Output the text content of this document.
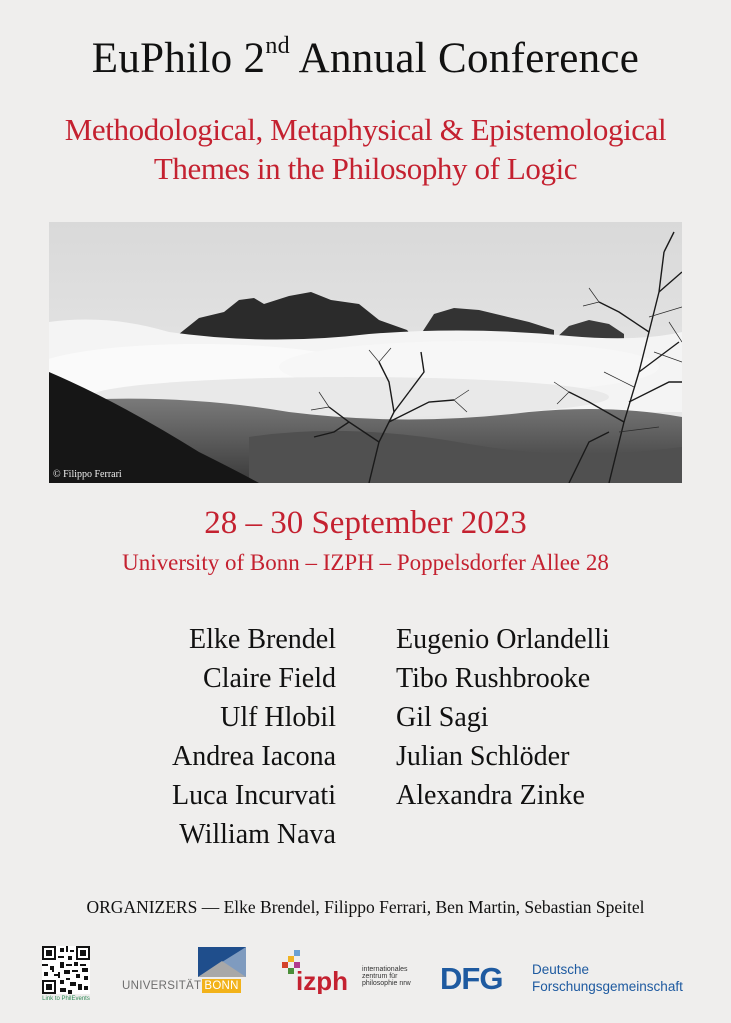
EuPhilo 2nd Annual Conference
Methodological, Metaphysical & Epistemological
Themes in the Philosophy of Logic
© Filippo Ferrari
28 – 30 September 2023
University of Bonn – IZPH – Poppelsdorfer Allee 28
Elke Brendel
Claire Field
Ulf Hlobil
Andrea Iacona
Luca Incurvati
William Nava
Eugenio Orlandelli
Tibo Rushbrooke
Gil Sagi
Julian Schlöder
Alexandra Zinke
ORGANIZERS — Elke Brendel, Filippo Ferrari, Ben Martin, Sebastian Speitel
Link to PhilEvents
UNIVERSITÄT BONN izph internationales zentrum für philosophie nrw DFG Deutsche
Forschungsgemeinschaft
